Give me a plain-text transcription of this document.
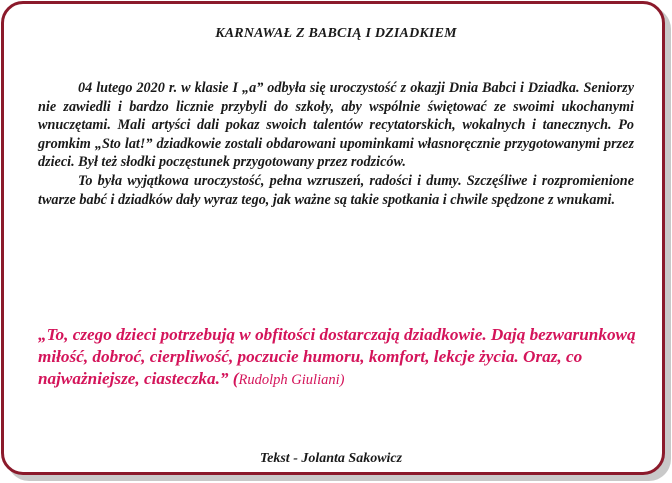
KARNAWAŁ Z BABCIĄ I DZIADKIEM

04 lutego 2020 r. w klasie I „a” odbyła się uroczystość z okazji Dnia Babci i Dziadka. Seniorzy nie zawiedli i bardzo licznie przybyli do szkoły, aby wspólnie świętować ze swoimi ukochanymi wnuczętami. Mali artyści dali pokaz swoich talentów recytatorskich, wokalnych i tanecznych. Po gromkim „Sto lat!” dziadkowie zostali obdarowani upominkami własnoręcznie przygotowanymi przez dzieci. Był też słodki poczęstunek przygotowany przez rodziców.

To była wyjątkowa uroczystość, pełna wzruszeń, radości i dumy. Szczęśliwe i rozpromienione twarze babć i dziadków dały wyraz tego, jak ważne są takie spotkania i chwile spędzone z wnukami.

„To, czego dzieci potrzebują w obfitości dostarczają dziadkowie. Dają bezwarunkową miłość, dobroć, cierpliwość, poczucie humoru, komfort, lekcje życia. Oraz, co najważniejsze, ciasteczka.” (Rudolph Giuliani)
Tekst - Jolanta Sakowicz
